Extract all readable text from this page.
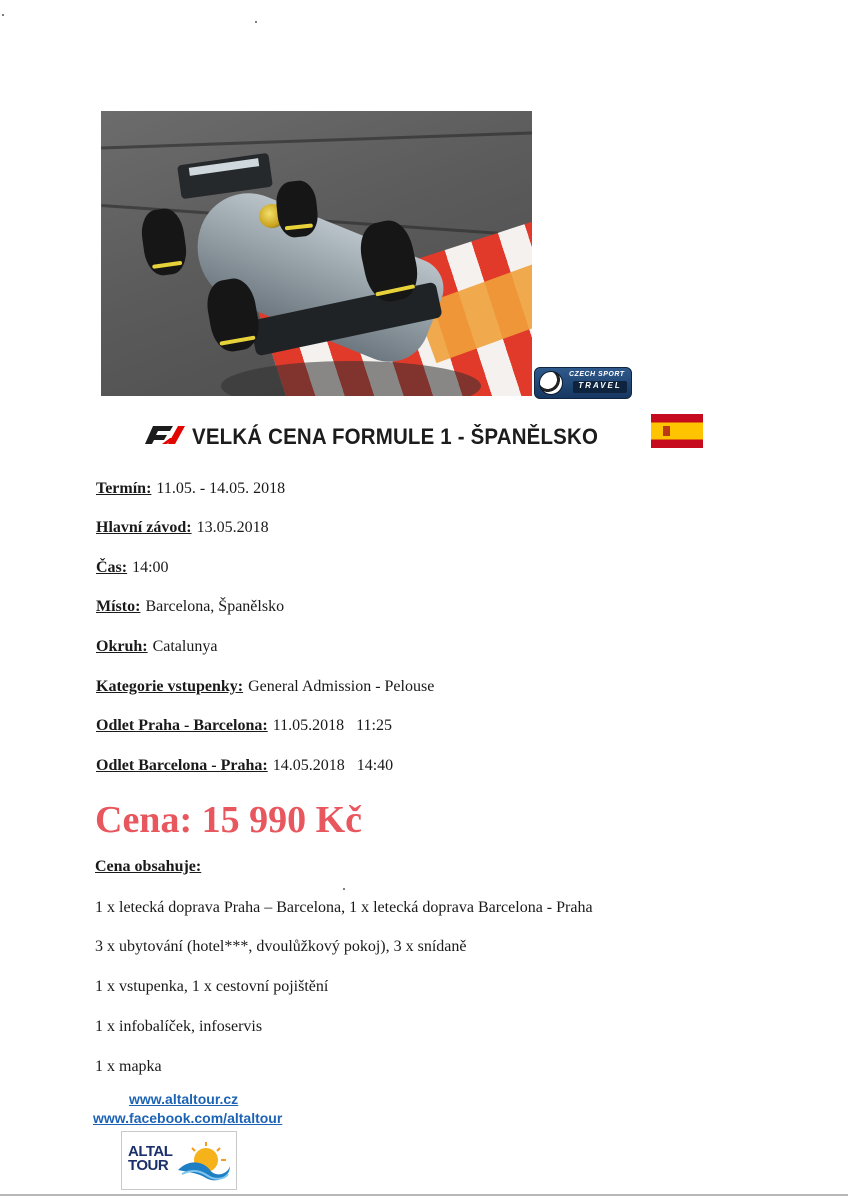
CZECH SPORT
TRAVEL
VELKÁ CENA FORMULE 1 - ŠPANĚLSKO
Termín: 11.05. - 14.05. 2018
Hlavní závod: 13.05.2018
Čas: 14:00
Místo: Barcelona, Španělsko
Okruh: Catalunya
Kategorie vstupenky: General Admission - Pelouse
Odlet Praha - Barcelona: 11.05.2018   11:25
Odlet Barcelona - Praha: 14.05.2018   14:40
Cena: 15 990 Kč
Cena obsahuje:
1 x letecká doprava Praha – Barcelona, 1 x letecká doprava Barcelona - Praha
3 x ubytování (hotel***, dvoulůžkový pokoj), 3 x snídaně
1 x vstupenka, 1 x cestovní pojištění
1 x infobalíček, infoservis
1 x mapka
www.altaltour.cz
www.facebook.com/altaltour
ALTAL
TOUR
